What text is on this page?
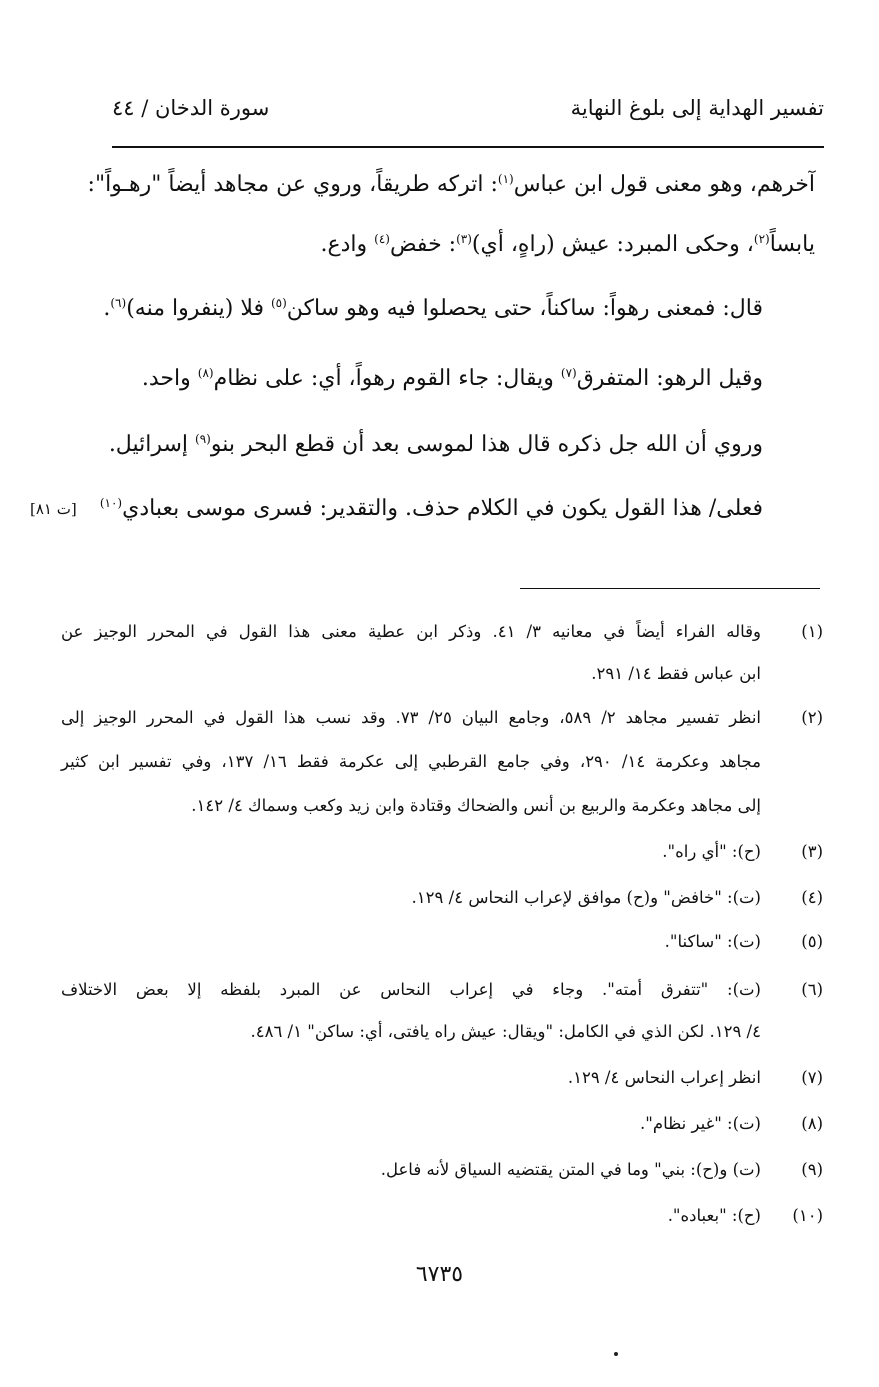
تفسير الهداية إلى بلوغ النهاية
سورة الدخان / ٤٤
آخرهم، وهو معنى قول ابن عباس$^{(١)}$: اتركه طريقاً، وروي عن مجاهد أيضاً "رهـواً":
يابساً$^{(٢)}$، وحكى المبرد: عيش (راهٍ، أي)$^{(٣)}$: خفض$^{(٤)}$ وادع.
قال: فمعنى رهواً: ساكناً، حتى يحصلوا فيه وهو ساكن$^{(٥)}$ فلا (ينفروا منه)$^{(٦)}$.
وقيل الرهو: المتفرق$^{(٧)}$ ويقال: جاء القوم رهواً، أي: على نظام$^{(٨)}$ واحد.
وروي أن الله جل ذكره قال هذا لموسى بعد أن قطع البحر بنو$^{(٩)}$ إسرائيل.
فعلى/ هذا القول يكون في الكلام حذف. والتقدير: فسرى موسى بعبادي$^{(١٠)}$
[ت ٨١]
(١)
وقاله الفراء أيضاً في معانيه ٣/ ٤١. وذكر ابن عطية معنى هذا القول في المحرر الوجيز عن
ابن عباس فقط ١٤/ ٢٩١.
(٢)
انظر تفسير مجاهد ٢/ ٥٨٩، وجامع البيان ٢٥/ ٧٣. وقد نسب هذا القول في المحرر الوجيز إلى
مجاهد وعكرمة ١٤/ ٢٩٠، وفي جامع القرطبي إلى عكرمة فقط ١٦/ ١٣٧، وفي تفسير ابن كثير
إلى مجاهد وعكرمة والربيع بن أنس والضحاك وقتادة وابن زيد وكعب وسماك ٤/ ١٤٢.
(٣)
(ح): "أي راه".
(٤)
(ت): "خافض" و(ح) موافق لإعراب النحاس ٤/ ١٢٩.
(٥)
(ت): "ساكنا".
(٦)
(ت): "تتفرق أمته". وجاء في إعراب النحاس عن المبرد بلفظه إلا بعض الاختلاف
٤/ ١٢٩. لكن الذي في الكامل: "ويقال: عيش راه يافتى، أي: ساكن" ١/ ٤٨٦.
(٧)
انظر إعراب النحاس ٤/ ١٢٩.
(٨)
(ت): "غير نظام".
(٩)
(ت) و(ح): بني" وما في المتن يقتضيه السياق لأنه فاعل.
(١٠)
(ح): "بعباده".
٦٧٣٥
